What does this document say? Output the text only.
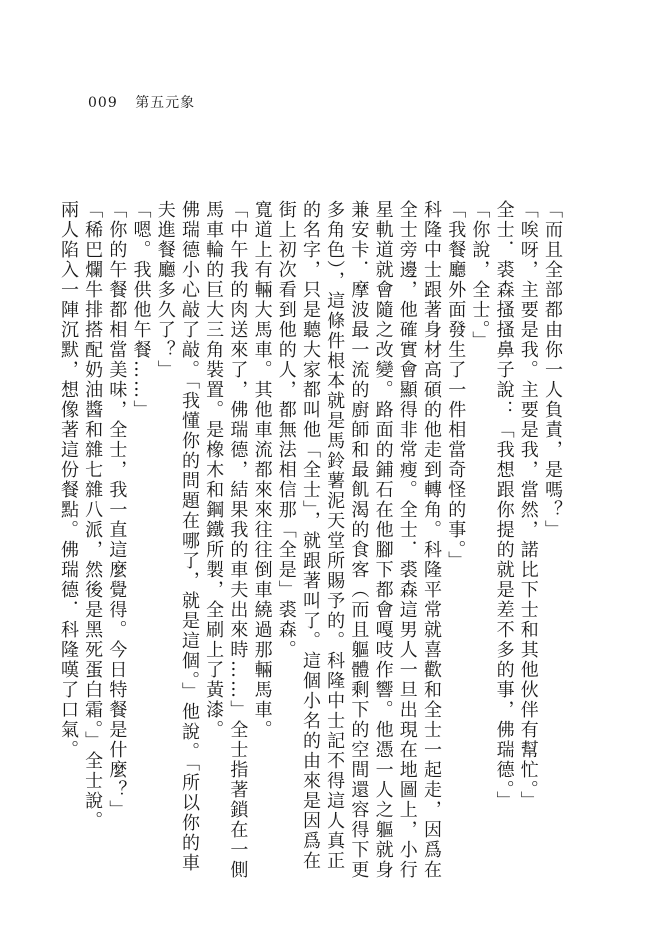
009 第五元象

「而且全部都由你一人負責，是嗎？」

「唉呀，主要是我。主要是我，當然，諾比下士和其他伙伴有幫忙。」

全士．裘森搔搔鼻子說：「我想跟你提的就是差不多的事，佛瑞德。」

「你說，全士。」

「我餐廳外面發生了一件相當奇怪的事。」

科隆中士跟著身材高碩的他走到轉角。科隆平常就喜歡和全士一起走，因爲在全士旁邊，他確實會顯得非常瘦。全士．裘森這男人一旦出現在地圖上，小行星軌道就會隨之改變。路面的鋪石在他腳下都會嘎吱作響。他憑一人之軀就身兼安卡．摩波最一流的廚師和最飢渴的食客（而且軀體剩下的空間還容得下更多角色），這條件根本就是馬鈴薯泥天堂所賜予的。科隆中士記不得這人真正的名字，只是聽大家都叫他「全士」，就跟著叫了。這個小名的由來是因爲在街上初次看到他的人，都無法相信那「全是」裘森。

寬道上有輛大馬車。其他車流都來來往往倒車繞過那輛馬車。

「中午我的肉送來了，佛瑞德，結果我的車夫出來時……」全士指著鎖在一側馬車輪的巨大三角裝置。是橡木和鋼鐵所製，全刷上了黃漆。

佛瑞德小心敲了敲。「我懂你的問題在哪了，就是這個。」他說。「所以你的車夫進餐廳多久了？」

「嗯。我供他午餐……」

「你的午餐都相當美味，全士，我一直這麼覺得。今日特餐是什麼？」

「稀巴爛牛排搭配奶油醬和雜七雜八派，然後是黑死蛋白霜。」全士說。

兩人陷入一陣沉默，想像著這份餐點。佛瑞德．科隆嘆了口氣。
